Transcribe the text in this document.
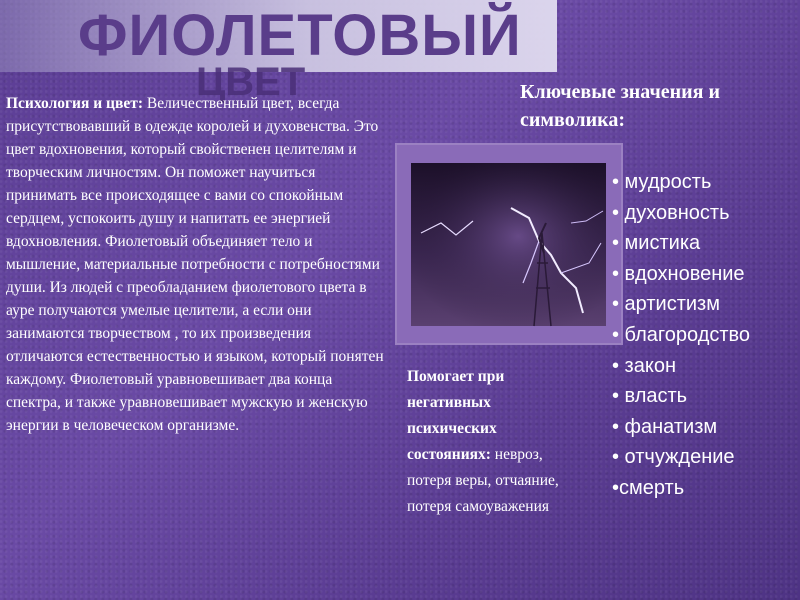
ЦВЕТ
ФИОЛЕТОВЫЙ

Психология и цвет: Величественный цвет, всегда присутствовавший в одежде королей и духовенства. Это цвет вдохновения, который свойственен целителям и творческим личностям. Он поможет научиться принимать все происходящее с вами со спокойным сердцем, успокоить душу и напитать ее энергией вдохновления. Фиолетовый объединяет тело и мышление, материальные потребности с потребностями души. Из людей с преобладанием фиолетового цвета в ауре получаются умелые целители, а если они занимаются творчеством , то их произведения отличаются естественностью и языком, который понятен каждому. Фиолетовый уравновешивает два конца спектра, и также уравновешивает мужскую и женскую энергии в человеческом организме.

Ключевые значения и символика:
• мудрость
• духовность
• мистика
• вдохновение
• артистизм
• благородство
• закон
• власть
• фанатизм
• отчуждение
•смерть

Помогает при негативных психических состояниях: невроз, потеря веры, отчаяние, потеря самоуважения
